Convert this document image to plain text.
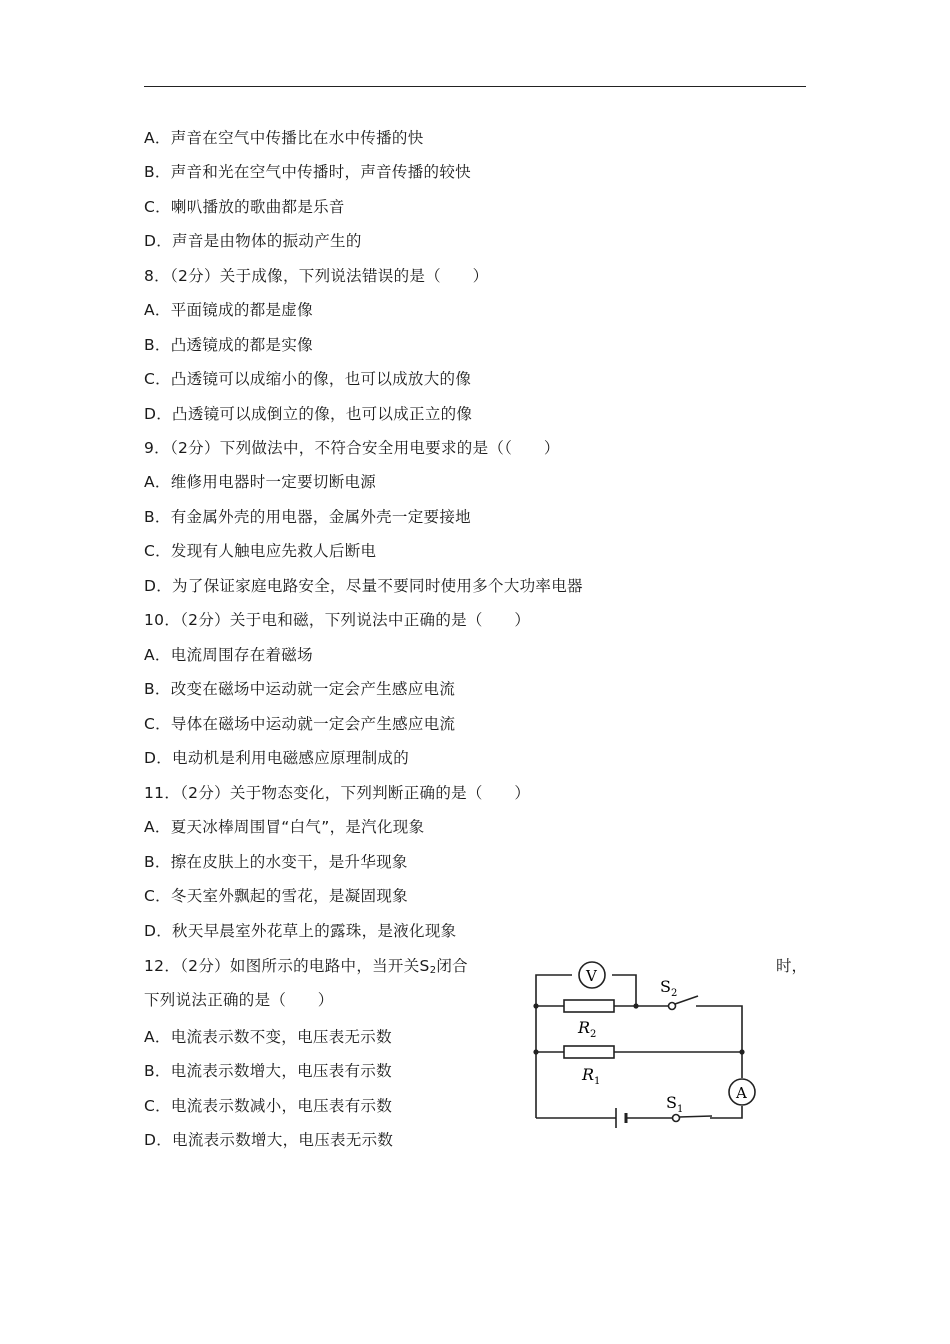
A．声音在空气中传播比在水中传播的快
B．声音和光在空气中传播时，声音传播的较快
C．喇叭播放的歌曲都是乐音
D．声音是由物体的振动产生的
8．（2分）关于成像，下列说法错误的是（　　）
A．平面镜成的都是虚像
B．凸透镜成的都是实像
C．凸透镜可以成缩小的像，也可以成放大的像
D．凸透镜可以成倒立的像，也可以成正立的像
9．（2分）下列做法中，不符合安全用电要求的是（（　　）
A．维修用电器时一定要切断电源
B．有金属外壳的用电器，金属外壳一定要接地
C．发现有人触电应先救人后断电
D．为了保证家庭电路安全，尽量不要同时使用多个大功率电器
10．（2分）关于电和磁，下列说法中正确的是（　　）
A．电流周围存在着磁场
B．改变在磁场中运动就一定会产生感应电流
C．导体在磁场中运动就一定会产生感应电流
D．电动机是利用电磁感应原理制成的
11．（2分）关于物态变化，下列判断正确的是（　　）
A．夏天冰棒周围冒“白气”，是汽化现象
B．擦在皮肤上的水变干，是升华现象
C．冬天室外飘起的雪花，是凝固现象
D．秋天早晨室外花草上的露珠，是液化现象
12．（2分）如图所示的电路中，当开关$S_2$闭合	时，
下列说法正确的是（　　）
A．电流表示数不变，电压表无示数
B．电流表示数增大，电压表有示数
C．电流表示数减小，电压表有示数
D．电流表示数增大，电压表无示数
V
A
$R_2$
$R_1$
$S_2$
$S_1$
